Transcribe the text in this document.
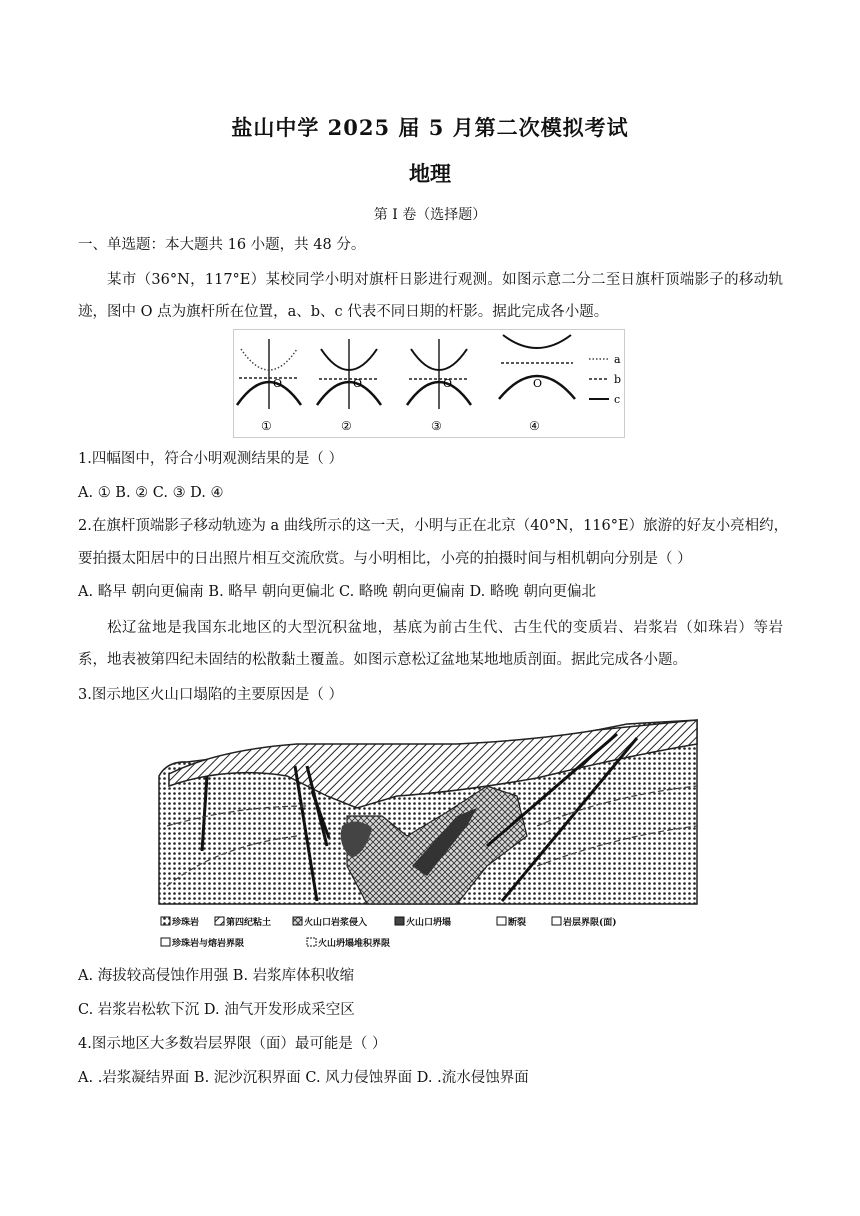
盐山中学 2025 届 5 月第二次模拟考试
地理
第 I 卷（选择题）
一、单选题：本大题共 16 小题，共 48 分。
某市（36°N，117°E）某校同学小明对旗杆日影进行观测。如图示意二分二至日旗杆顶端影子的移动轨迹，图中 O 点为旗杆所在位置，a、b、c 代表不同日期的杆影。据此完成各小题。
O
①
O
②
O
③
O
④
a
b
c
1.四幅图中，符合小明观测结果的是（ ）
A. ① B. ② C. ③ D. ④
2.在旗杆顶端影子移动轨迹为 a 曲线所示的这一天，小明与正在北京（40°N，116°E）旅游的好友小亮相约，
要拍摄太阳居中的日出照片相互交流欣赏。与小明相比，小亮的拍摄时间与相机朝向分别是（ ）
A. 略早 朝向更偏南 B. 略早 朝向更偏北 C. 略晚 朝向更偏南 D. 略晚 朝向更偏北
松辽盆地是我国东北地区的大型沉积盆地，基底为前古生代、古生代的变质岩、岩浆岩（如珠岩）等岩系，地表被第四纪未固结的松散黏土覆盖。如图示意松辽盆地某地地质剖面。据此完成各小题。
3.图示地区火山口塌陷的主要原因是（ ）
珍珠岩	第四纪粘土	火山口岩浆侵入	火山口坍塌	断裂	岩层界限(面)
珍珠岩与熔岩界限	火山坍塌堆积界限
A. 海拔较高侵蚀作用强 B. 岩浆库体积收缩
C. 岩浆岩松软下沉 D. 油气开发形成采空区
4.图示地区大多数岩层界限（面）最可能是（ ）
A. .岩浆凝结界面 B. 泥沙沉积界面 C. 风力侵蚀界面 D. .流水侵蚀界面
